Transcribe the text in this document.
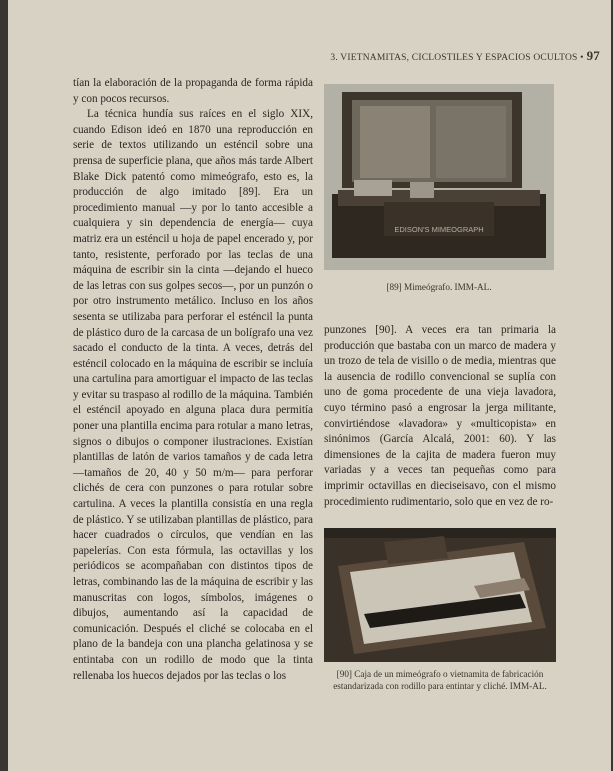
3. VIETNAMITAS, CICLOSTILES Y ESPACIOS OCULTOS • 97

tían la elaboración de la propaganda de forma rápida y con pocos recursos.

La técnica hundía sus raíces en el siglo XIX, cuando Edison ideó en 1870 una reproducción en serie de textos utilizando un esténcil sobre una prensa de superficie plana, que años más tarde Albert Blake Dick patentó como mimeógrafo, esto es, la producción de algo imitado [89]. Era un procedimiento manual —y por lo tanto accesible a cualquiera y sin dependencia de energía— cuya matriz era un esténcil u hoja de papel encerado y, por tanto, resistente, perforado por las teclas de una máquina de escribir sin la cinta —dejando el hueco de las letras con sus golpes secos—, por un punzón o por otro instrumento metálico. Incluso en los años sesenta se utilizaba para perforar el esténcil la punta de plástico duro de la carcasa de un bolígrafo una vez sacado el conducto de la tinta. A veces, detrás del esténcil colocado en la máquina de escribir se incluía una cartulina para amortiguar el impacto de las teclas y evitar su traspaso al rodillo de la máquina. También el esténcil apoyado en alguna placa dura permitía poner una plantilla encima para rotular a mano letras, signos o dibujos o componer ilustraciones. Existían plantillas de latón de varios tamaños y de cada letra —tamaños de 20, 40 y 50 m/m— para perforar clichés de cera con punzones o para rotular sobre cartulina. A veces la plantilla consistía en una regla de plástico. Y se utilizaban plantillas de plástico, para hacer cuadrados o círculos, que vendían en las papelerías. Con esta fórmula, las octavillas y los periódicos se acompañaban con distintos tipos de letras, combinando las de la máquina de escribir y las manuscritas con logos, símbolos, imágenes o dibujos, aumentando así la capacidad de comunicación. Después el cliché se colocaba en el plano de la bandeja con una plancha gelatinosa y se entintaba con un rodillo de modo que la tinta rellenaba los huecos dejados por las teclas o los

EDISON'S MIMEOGRAPH
[89] Mimeógrafo. IMM-AL.

punzones [90]. A veces era tan primaria la producción que bastaba con un marco de madera y un trozo de tela de visillo o de media, mientras que la ausencia de rodillo convencional se suplía con uno de goma procedente de una vieja lavadora, cuyo término pasó a engrosar la jerga militante, convirtiéndose «lavadora» y «multicopista» en sinónimos (García Alcalá, 2001: 60). Y las dimensiones de la cajita de madera fueron muy variadas y a veces tan pequeñas como para imprimir octavillas en dieciseisavo, con el mismo procedimiento rudimentario, solo que en vez de ro-

[90] Caja de un mimeógrafo o vietnamita de fabricación estandarizada con rodillo para entintar y cliché. IMM-AL.
